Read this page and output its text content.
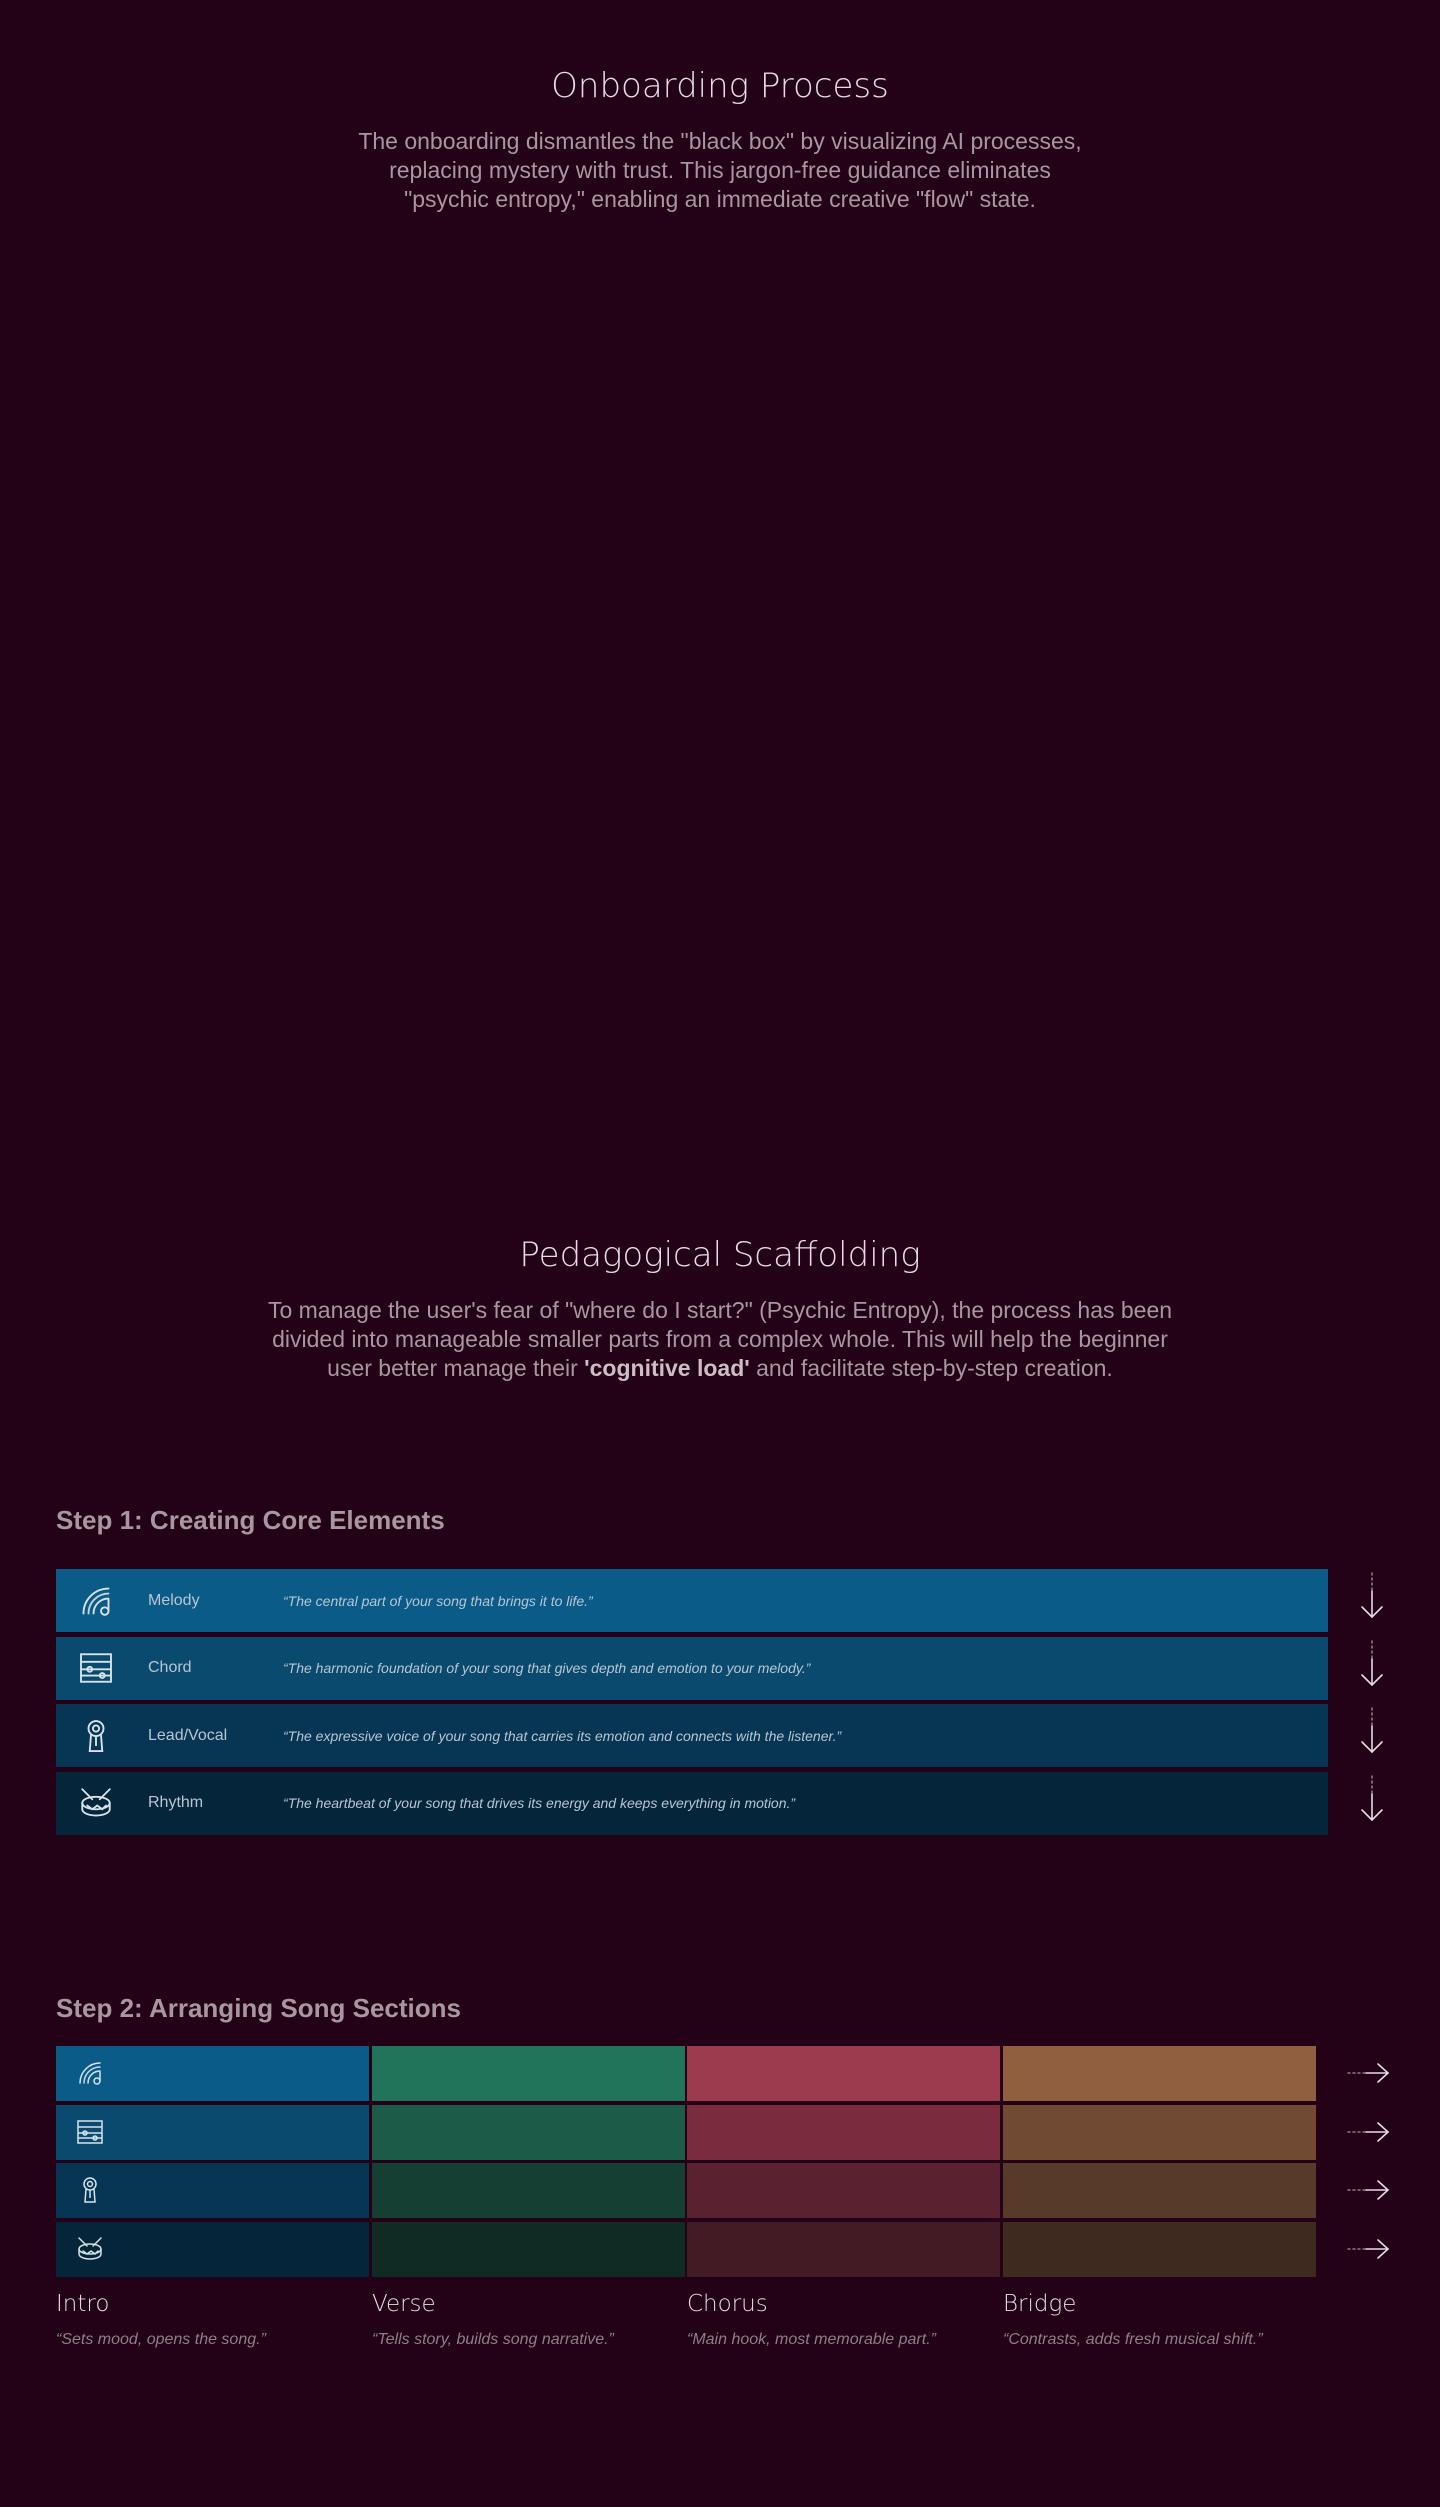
Onboarding Process

The onboarding dismantles the "black box" by visualizing AI processes, replacing mystery with trust. This jargon-free guidance eliminates "psychic entropy," enabling an immediate creative "flow" state.

Pedagogical Scaffolding

To manage the user's fear of "where do I start?" (Psychic Entropy), the process has been divided into manageable smaller parts from a complex whole. This will help the beginner user better manage their 'cognitive load' and facilitate step-by-step creation.

Step 1: Creating Core Elements
Melody	“The central part of your song that brings it to life.”
Chord	“The harmonic foundation of your song that gives depth and emotion to your melody.”
Lead/Vocal	“The expressive voice of your song that carries its emotion and connects with the listener.”
Rhythm	“The heartbeat of your song that drives its energy and keeps everything in motion.”
Step 2: Arranging Song Sections
Intro
“Sets mood, opens the song.”
Verse
“Tells story, builds song narrative.”
Chorus
“Main hook, most memorable part.”
Bridge
“Contrasts, adds fresh musical shift.”
